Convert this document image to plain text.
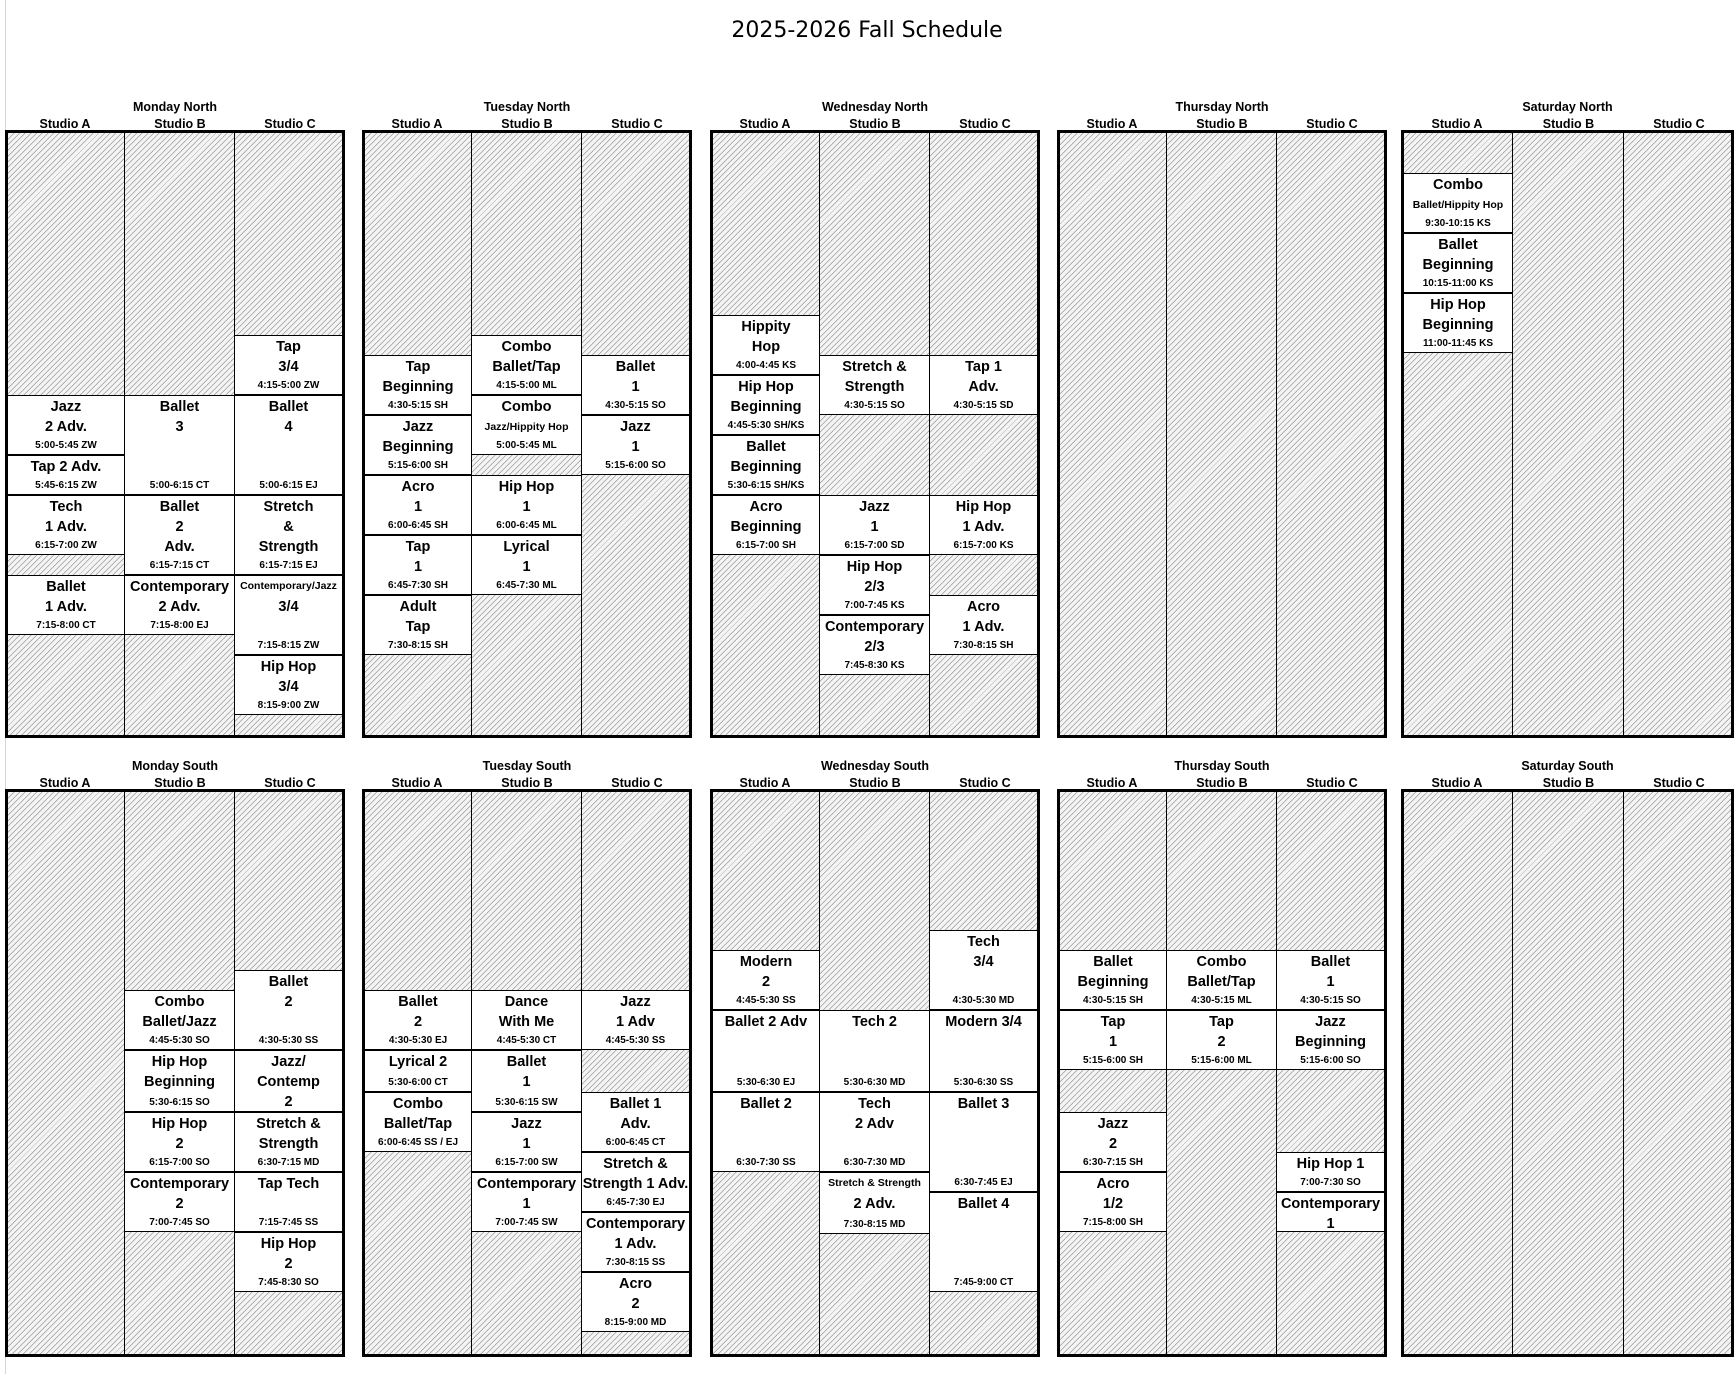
2025-2026 Fall Schedule
Monday North
Studio A
Jazz
2 Adv.
5:00-5:45 ZW
Tap 2 Adv.
5:45-6:15 ZW
Tech
1 Adv.
6:15-7:00 ZW
Ballet
1 Adv.
7:15-8:00 CT
Studio B
Ballet
3
5:00-6:15 CT
Ballet
2
Adv.
6:15-7:15 CT
Contemporary
2 Adv.
7:15-8:00 EJ
Studio C
Tap
3/4
4:15-5:00 ZW
Ballet
4
5:00-6:15 EJ
Stretch
&
Strength
6:15-7:15 EJ
Contemporary/Jazz
3/4
7:15-8:15 ZW
Hip Hop
3/4
8:15-9:00 ZW
Tuesday North
Studio A
Tap
Beginning
4:30-5:15 SH
Jazz
Beginning
5:15-6:00 SH
Acro
1
6:00-6:45 SH
Tap
1
6:45-7:30 SH
Adult
Tap
7:30-8:15 SH
Studio B
Combo
Ballet/Tap
4:15-5:00 ML
Combo
Jazz/Hippity Hop
5:00-5:45 ML
Hip Hop
1
6:00-6:45 ML
Lyrical
1
6:45-7:30 ML
Studio C
Ballet
1
4:30-5:15 SO
Jazz
1
5:15-6:00 SO
Wednesday North
Studio A
Hippity
Hop
4:00-4:45 KS
Hip Hop
Beginning
4:45-5:30 SH/KS
Ballet
Beginning
5:30-6:15 SH/KS
Acro
Beginning
6:15-7:00 SH
Studio B
Stretch &
Strength
4:30-5:15 SO
Jazz
1
6:15-7:00 SD
Hip Hop
2/3
7:00-7:45 KS
Contemporary
2/3
7:45-8:30 KS
Studio C
Tap 1
Adv.
4:30-5:15 SD
Hip Hop
1 Adv.
6:15-7:00 KS
Acro
1 Adv.
7:30-8:15 SH
Thursday North
Studio A	Studio B	Studio C
Saturday North
Studio A
Combo
Ballet/Hippity Hop
9:30-10:15 KS
Ballet
Beginning
10:15-11:00 KS
Hip Hop
Beginning
11:00-11:45 KS
Studio B	Studio C
Monday South
Studio A	Studio B
Combo
Ballet/Jazz
4:45-5:30 SO
Hip Hop
Beginning
5:30-6:15 SO
Hip Hop
2
6:15-7:00 SO
Contemporary
2
7:00-7:45 SO
Studio C
Ballet
2
4:30-5:30 SS
Jazz/
Contemp
2
Stretch &
Strength
6:30-7:15 MD
Tap Tech
7:15-7:45 SS
Hip Hop
2
7:45-8:30 SO
Tuesday South
Studio A
Ballet
2
4:30-5:30 EJ
Lyrical 2
5:30-6:00 CT
Combo
Ballet/Tap
6:00-6:45 SS / EJ
Studio B
Dance
With Me
4:45-5:30 CT
Ballet
1
5:30-6:15 SW
Jazz
1
6:15-7:00 SW
Contemporary
1
7:00-7:45 SW
Studio C
Jazz
1 Adv
4:45-5:30 SS
Ballet 1
Adv.
6:00-6:45 CT
Stretch &
Strength 1 Adv.
6:45-7:30 EJ
Contemporary
1 Adv.
7:30-8:15 SS
Acro
2
8:15-9:00 MD
Wednesday South
Studio A
Modern
2
4:45-5:30 SS
Ballet 2 Adv
5:30-6:30 EJ
Ballet 2
6:30-7:30 SS
Studio B
Tech 2
5:30-6:30 MD
Tech
2 Adv
6:30-7:30 MD
Stretch & Strength
2 Adv.
7:30-8:15 MD
Studio C
Tech
3/4
4:30-5:30 MD
Modern 3/4
5:30-6:30 SS
Ballet 3
6:30-7:45 EJ
Ballet 4
7:45-9:00 CT
Thursday South
Studio A
Ballet
Beginning
4:30-5:15 SH
Tap
1
5:15-6:00 SH
Jazz
2
6:30-7:15 SH
Acro
1/2
7:15-8:00 SH
Studio B
Combo
Ballet/Tap
4:30-5:15 ML
Tap
2
5:15-6:00 ML
Studio C
Ballet
1
4:30-5:15 SO
Jazz
Beginning
5:15-6:00 SO
Hip Hop 1
7:00-7:30 SO
Contemporary 1
Saturday South
Studio A	Studio B	Studio C
